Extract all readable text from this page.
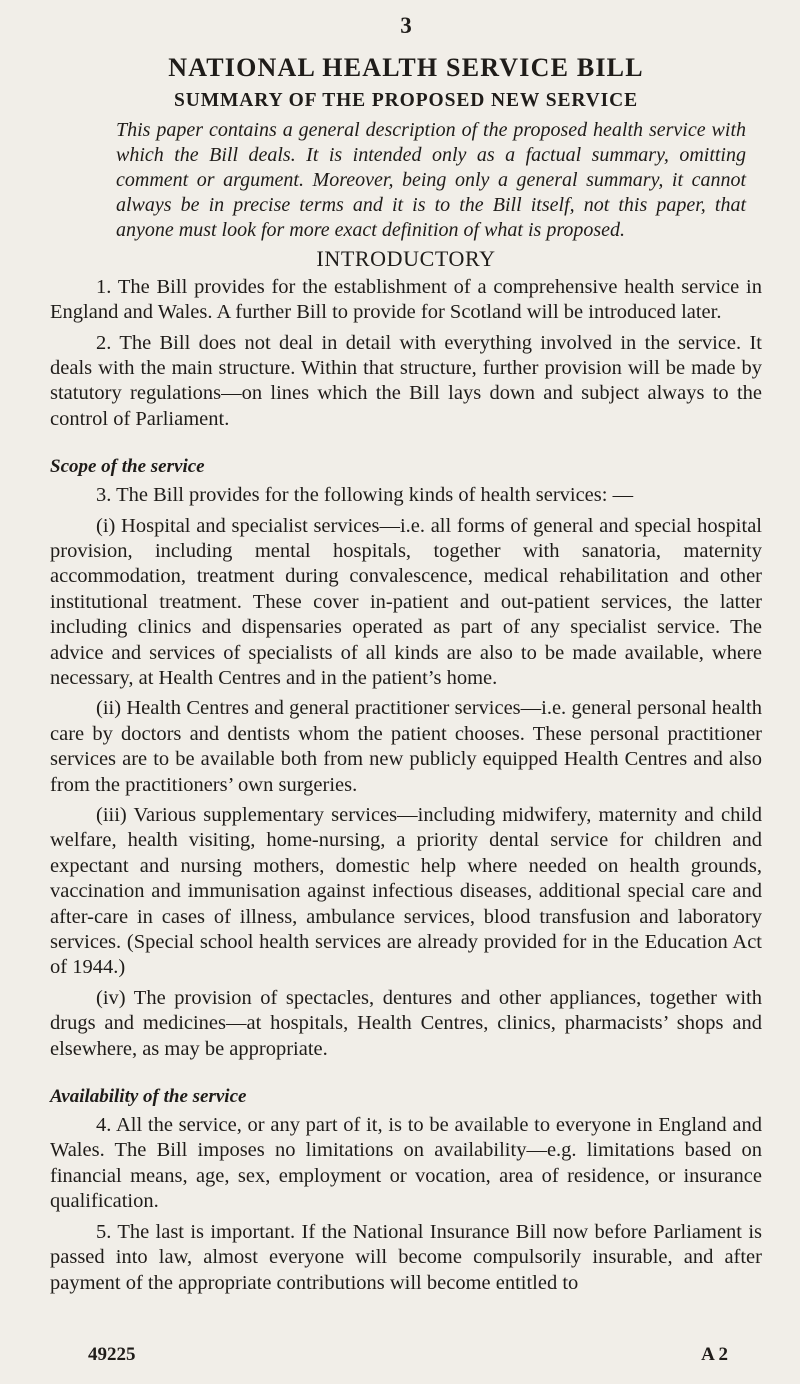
3
NATIONAL HEALTH SERVICE BILL
SUMMARY OF THE PROPOSED NEW SERVICE

This paper contains a general description of the proposed health service with which the Bill deals. It is intended only as a factual summary, omitting comment or argument. Moreover, being only a general summary, it cannot always be in precise terms and it is to the Bill itself, not this paper, that anyone must look for more exact definition of what is proposed.

INTRODUCTORY

1. The Bill provides for the establishment of a comprehensive health service in England and Wales. A further Bill to provide for Scotland will be introduced later.

2. The Bill does not deal in detail with everything involved in the service. It deals with the main structure. Within that structure, further provision will be made by statutory regulations—on lines which the Bill lays down and subject always to the control of Parliament.

Scope of the service

3. The Bill provides for the following kinds of health services: —

(i) Hospital and specialist services—i.e. all forms of general and special hospital provision, including mental hospitals, together with sanatoria, maternity accommodation, treatment during convalescence, medical rehabilitation and other institutional treatment. These cover in-patient and out-patient services, the latter including clinics and dispensaries operated as part of any specialist service. The advice and services of specialists of all kinds are also to be made available, where necessary, at Health Centres and in the patient’s home.

(ii) Health Centres and general practitioner services—i.e. general personal health care by doctors and dentists whom the patient chooses. These personal practitioner services are to be available both from new publicly equipped Health Centres and also from the practitioners’ own surgeries.

(iii) Various supplementary services—including midwifery, maternity and child welfare, health visiting, home-nursing, a priority dental service for children and expectant and nursing mothers, domestic help where needed on health grounds, vaccination and immunisation against infectious diseases, additional special care and after-care in cases of illness, ambulance services, blood transfusion and laboratory services. (Special school health services are already provided for in the Education Act of 1944.)

(iv) The provision of spectacles, dentures and other appliances, together with drugs and medicines—at hospitals, Health Centres, clinics, pharmacists’ shops and elsewhere, as may be appropriate.

Availability of the service

4. All the service, or any part of it, is to be available to everyone in England and Wales. The Bill imposes no limitations on availability—e.g. limitations based on financial means, age, sex, employment or vocation, area of residence, or insurance qualification.

5. The last is important. If the National Insurance Bill now before Parliament is passed into law, almost everyone will become compulsorily insurable, and after payment of the appropriate contributions will become entitled to

49225	A 2
